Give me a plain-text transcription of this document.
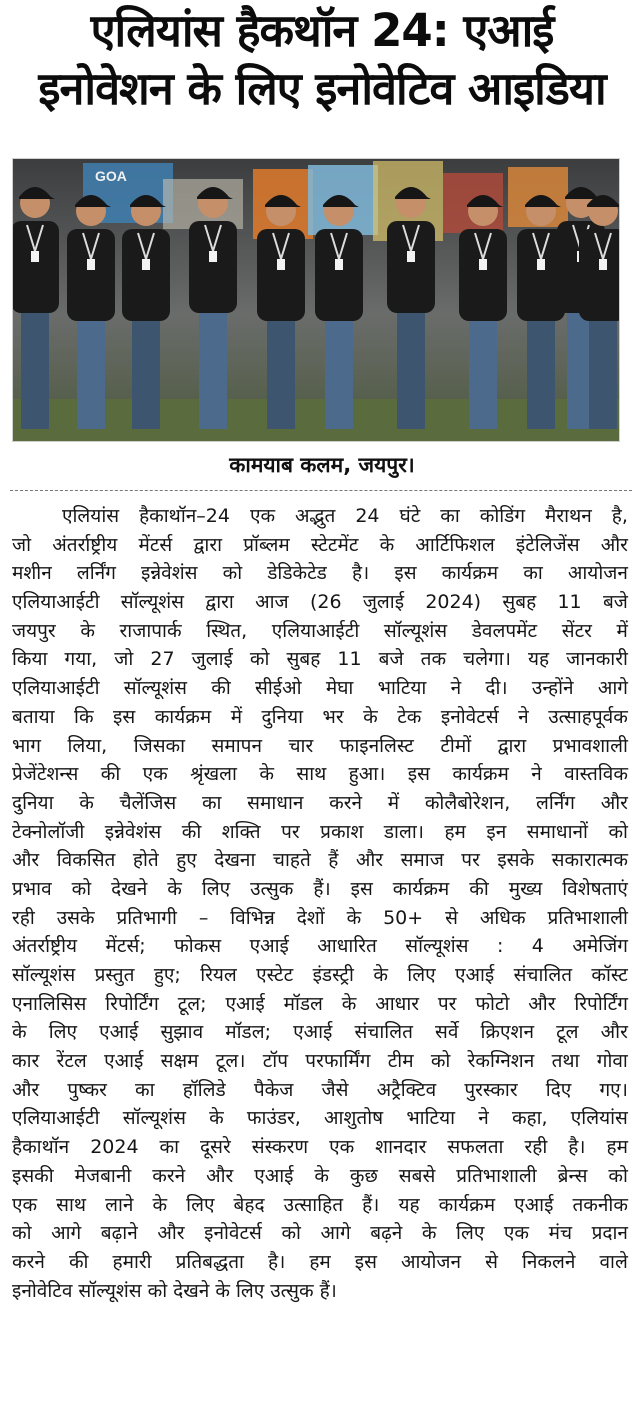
एलियांस हैकथॉन 24: एआई
इनोवेशन के लिए इनोवेटिव आइडिया
GOA
कामयाब कलम, जयपुर।
एलियांस हैकाथॉन–24 एक अद्भुत 24 घंटे का कोडिंग मैराथन है,
जो अंतर्राष्ट्रीय मेंटर्स द्वारा प्रॉब्लम स्टेटमेंट के आर्टिफिशल इंटेलिजेंस और
मशीन लर्निंग इन्नेवेशंस को डेडिकेटेड है। इस कार्यक्रम का आयोजन
एलियाआईटी सॉल्यूशंस द्वारा आज (26 जुलाई 2024) सुबह 11 बजे
जयपुर के राजापार्क स्थित, एलियाआईटी सॉल्यूशंस डेवलपमेंट सेंटर में
किया गया, जो 27 जुलाई को सुबह 11 बजे तक चलेगा। यह जानकारी
एलियाआईटी सॉल्यूशंस की सीईओ मेघा भाटिया ने दी। उन्होंने आगे
बताया कि इस कार्यक्रम में दुनिया भर के टेक इनोवेटर्स ने उत्साहपूर्वक
भाग लिया, जिसका समापन चार फाइनलिस्ट टीमों द्वारा प्रभावशाली
प्रेजेंटेशन्स की एक श्रृंखला के साथ हुआ। इस कार्यक्रम ने वास्तविक
दुनिया के चैलेंजिस का समाधान करने में कोलैबोरेशन, लर्निंग और
टेक्नोलॉजी इन्नेवेशंस की शक्ति पर प्रकाश डाला। हम इन समाधानों को
और विकसित होते हुए देखना चाहते हैं और समाज पर इसके सकारात्मक
प्रभाव को देखने के लिए उत्सुक हैं। इस कार्यक्रम की मुख्य विशेषताएं
रही उसके प्रतिभागी – विभिन्न देशों के 50+ से अधिक प्रतिभाशाली
अंतर्राष्ट्रीय मेंटर्स; फोकस एआई आधारित सॉल्यूशंस : 4 अमेजिंग
सॉल्यूशंस प्रस्तुत हुए; रियल एस्टेट इंडस्ट्री के लिए एआई संचालित कॉस्ट
एनालिसिस रिपोर्टिंग टूल; एआई मॉडल के आधार पर फोटो और रिपोर्टिंग
के लिए एआई सुझाव मॉडल; एआई संचालित सर्वे क्रिएशन टूल और
कार रेंटल एआई सक्षम टूल। टॉप परफार्मिंग टीम को रेकग्निशन तथा गोवा
और पुष्कर का हॉलिडे पैकेज जैसे अट्रैक्टिव पुरस्कार दिए गए।
एलियाआईटी सॉल्यूशंस के फाउंडर, आशुतोष भाटिया ने कहा, एलियांस
हैकाथॉन 2024 का दूसरे संस्करण एक शानदार सफलता रही है। हम
इसकी मेजबानी करने और एआई के कुछ सबसे प्रतिभाशाली ब्रेन्स को
एक साथ लाने के लिए बेहद उत्साहित हैं। यह कार्यक्रम एआई तकनीक
को आगे बढ़ाने और इनोवेटर्स को आगे बढ़ने के लिए एक मंच प्रदान
करने की हमारी प्रतिबद्धता है। हम इस आयोजन से निकलने वाले
इनोवेटिव सॉल्यूशंस को देखने के लिए उत्सुक हैं।
